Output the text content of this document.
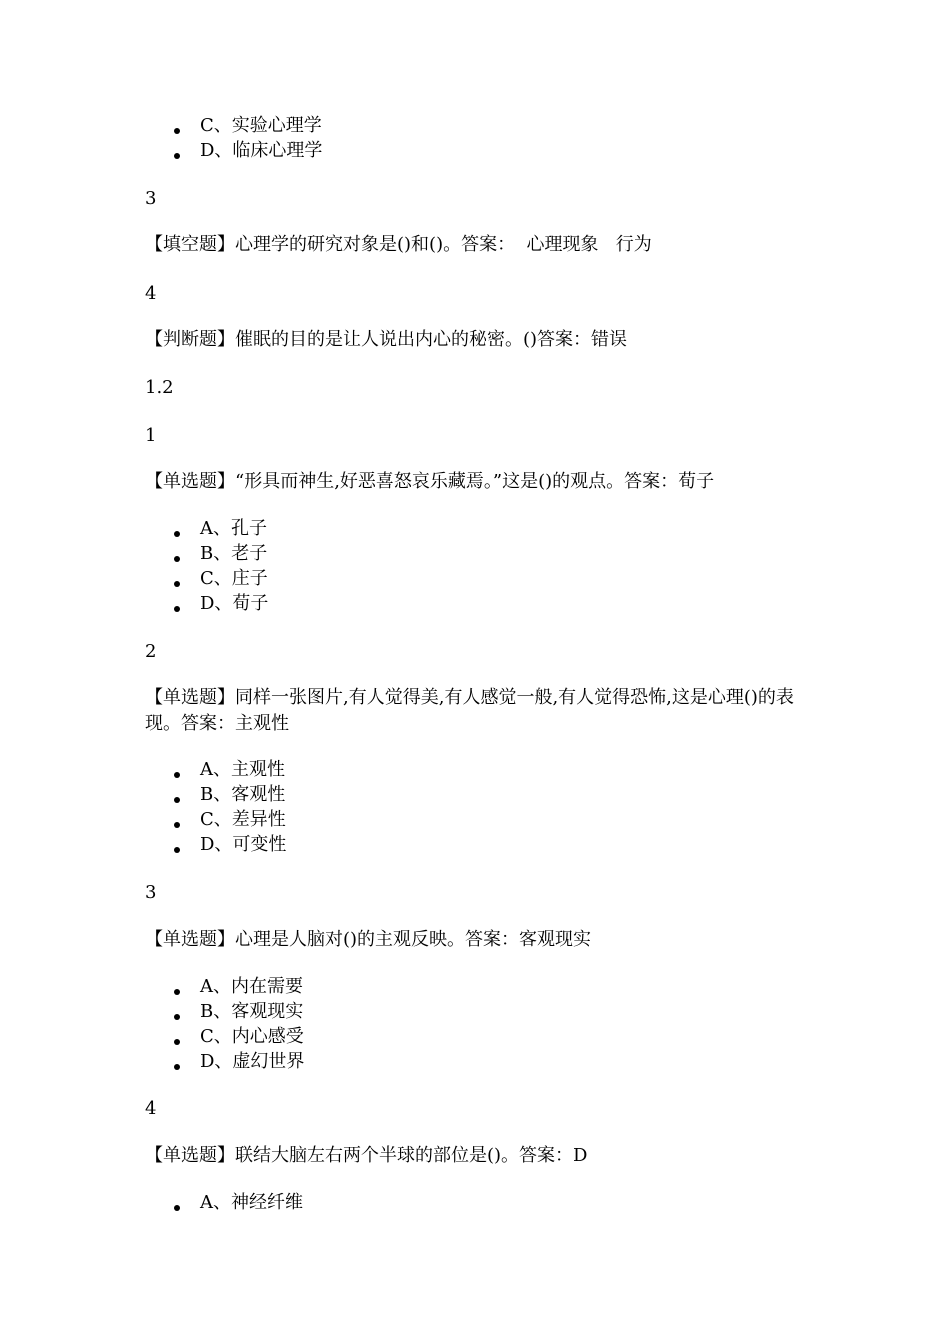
C、实验心理学
D、临床心理学
3
【填空题】心理学的研究对象是()和()。答案：  心理现象   行为
4
【判断题】催眠的目的是让人说出内心的秘密。()答案：错误
1.2
1
【单选题】“形具而神生,好恶喜怒哀乐藏焉。”这是()的观点。答案：荀子
A、孔子
B、老子
C、庄子
D、荀子
2
【单选题】同样一张图片,有人觉得美,有人感觉一般,有人觉得恐怖,这是心理()的表现。答案：主观性
A、主观性
B、客观性
C、差异性
D、可变性
3
【单选题】心理是人脑对()的主观反映。答案：客观现实
A、内在需要
B、客观现实
C、内心感受
D、虚幻世界
4
【单选题】联结大脑左右两个半球的部位是()。答案：D
A、神经纤维
